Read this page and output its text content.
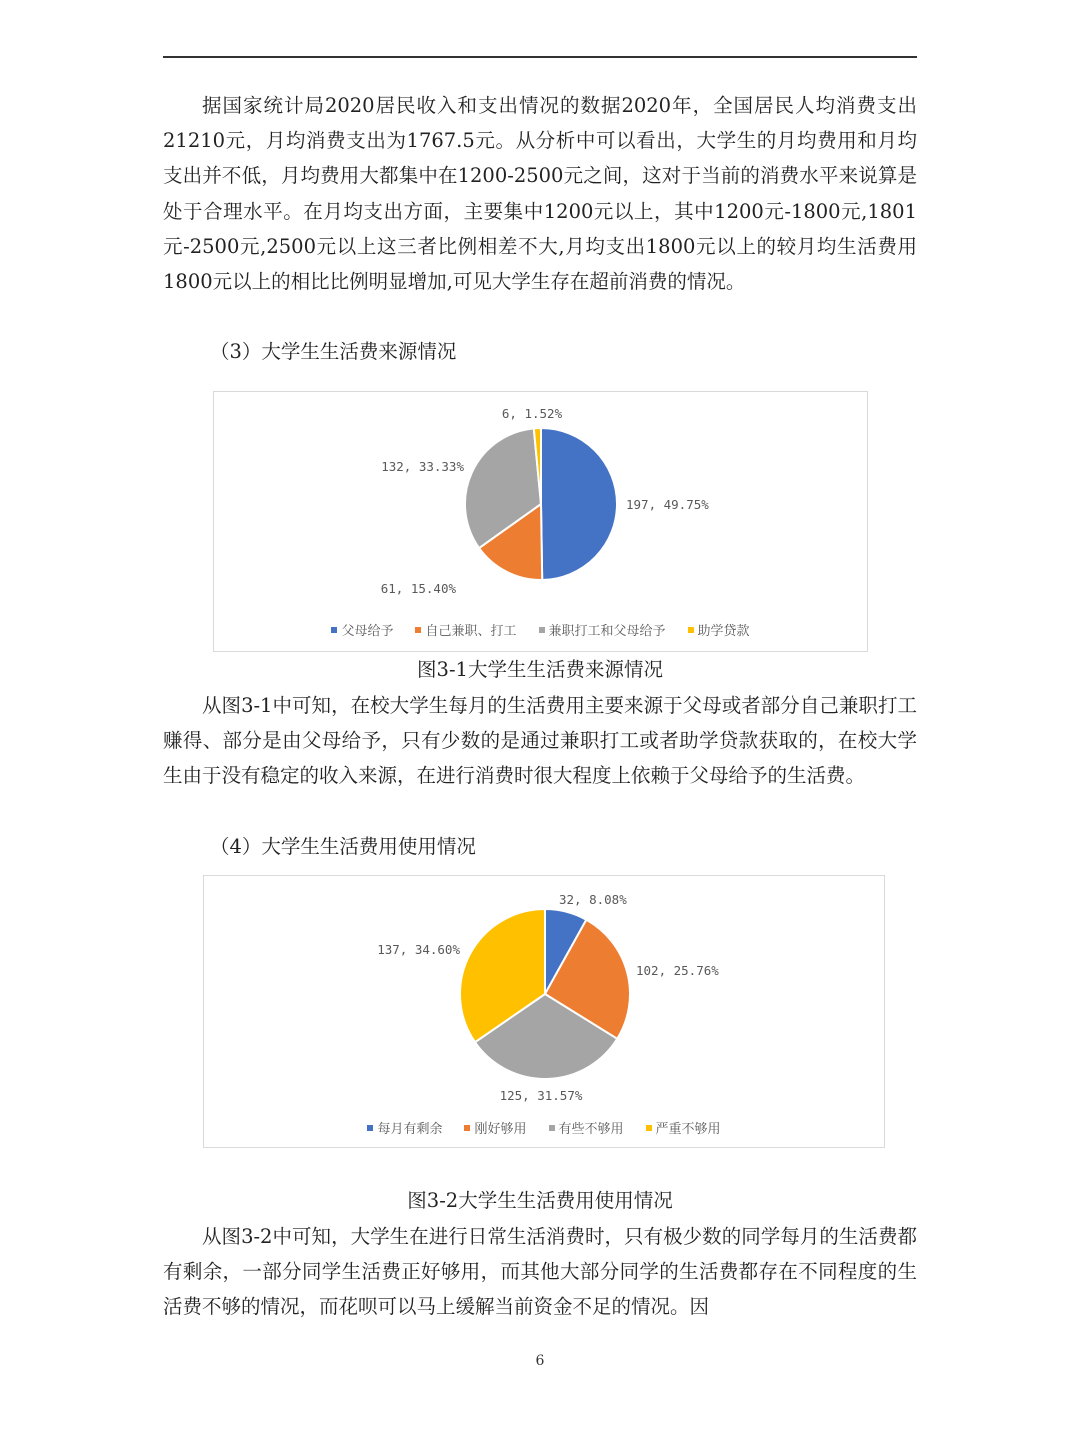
据国家统计局2020居民收入和支出情况的数据2020年，全国居民人均消费支出21210元，月均消费支出为1767.5元。从分析中可以看出，大学生的月均费用和月均支出并不低，月均费用大都集中在1200-2500元之间，这对于当前的消费水平来说算是处于合理水平。在月均支出方面，主要集中1200元以上，其中1200元-1800元,1801元-2500元,2500元以上这三者比例相差不大,月均支出1800元以上的较月均生活费用1800元以上的相比比例明显增加,可见大学生存在超前消费的情况。

（3）大学生生活费来源情况

197, 49.75%
61, 15.40%
132, 33.33%
6, 1.52%
父母给予 自己兼职、打工 兼职打工和父母给予 助学贷款

图3-1大学生生活费来源情况

从图3-1中可知，在校大学生每月的生活费用主要来源于父母或者部分自己兼职打工赚得、部分是由父母给予，只有少数的是通过兼职打工或者助学贷款获取的，在校大学生由于没有稳定的收入来源，在进行消费时很大程度上依赖于父母给予的生活费。

（4）大学生生活费用使用情况

32, 8.08%
102, 25.76%
125, 31.57%
137, 34.60%
每月有剩余 刚好够用 有些不够用 严重不够用

图3-2大学生生活费用使用情况

从图3-2中可知，大学生在进行日常生活消费时，只有极少数的同学每月的生活费都有剩余，一部分同学生活费正好够用，而其他大部分同学的生活费都存在不同程度的生活费不够的情况，而花呗可以马上缓解当前资金不足的情况。因

6
